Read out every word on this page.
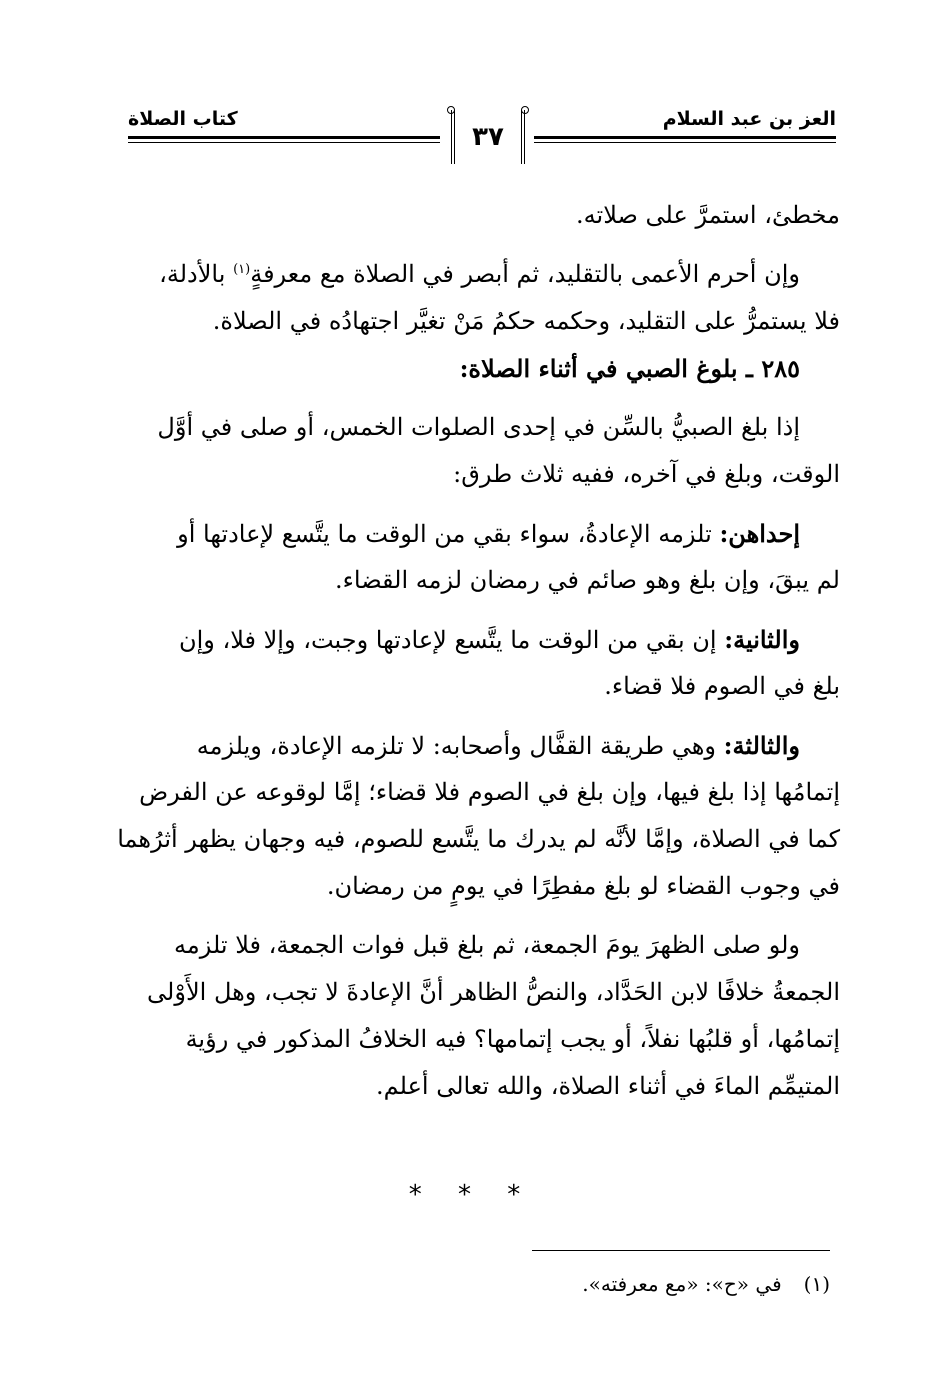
العز بن عبد السلام
كتاب الصلاة
٣٧
مخطئ، استمرَّ على صلاته.
وإن أحرم الأعمى بالتقليد، ثم أبصر في الصلاة مع معرفةٍ$^{(١)}$ بالأدلة،
فلا يستمرُّ على التقليد، وحكمه حكمُ مَنْ تغيَّر اجتهادُه في الصلاة.
٢٨٥ ـ بلوغ الصبي في أثناء الصلاة:
إذا بلغ الصبيُّ بالسِّن في إحدى الصلوات الخمس، أو صلى في أوَّل
الوقت، وبلغ في آخره، ففيه ثلاث طرق:
إحداهن: تلزمه الإعادةُ، سواء بقي من الوقت ما يتَّسع لإعادتها أو
لم يبقَ، وإن بلغ وهو صائم في رمضان لزمه القضاء.
والثانية: إن بقي من الوقت ما يتَّسع لإعادتها وجبت، وإلا فلا، وإن
بلغ في الصوم فلا قضاء.
والثالثة: وهي طريقة القفَّال وأصحابه: لا تلزمه الإعادة، ويلزمه
إتمامُها إذا بلغ فيها، وإن بلغ في الصوم فلا قضاء؛ إمَّا لوقوعه عن الفرض
كما في الصلاة، وإمَّا لأنَّه لم يدرك ما يتَّسع للصوم، فيه وجهان يظهر أثرُهما
في وجوب القضاء لو بلغ مفطِرًا في يومٍ من رمضان.
ولو صلى الظهرَ يومَ الجمعة، ثم بلغ قبل فوات الجمعة، فلا تلزمه
الجمعةُ خلافًا لابن الحَدَّاد، والنصُّ الظاهر أنَّ الإعادةَ لا تجب، وهل الأَوْلى
إتمامُها، أو قلبُها نفلاً، أو يجب إتمامها؟ فيه الخلافُ المذكور في رؤية
المتيمِّم الماءَ في أثناء الصلاة، والله تعالى أعلم.
* * *
(١)في «ح»: «مع معرفته».
